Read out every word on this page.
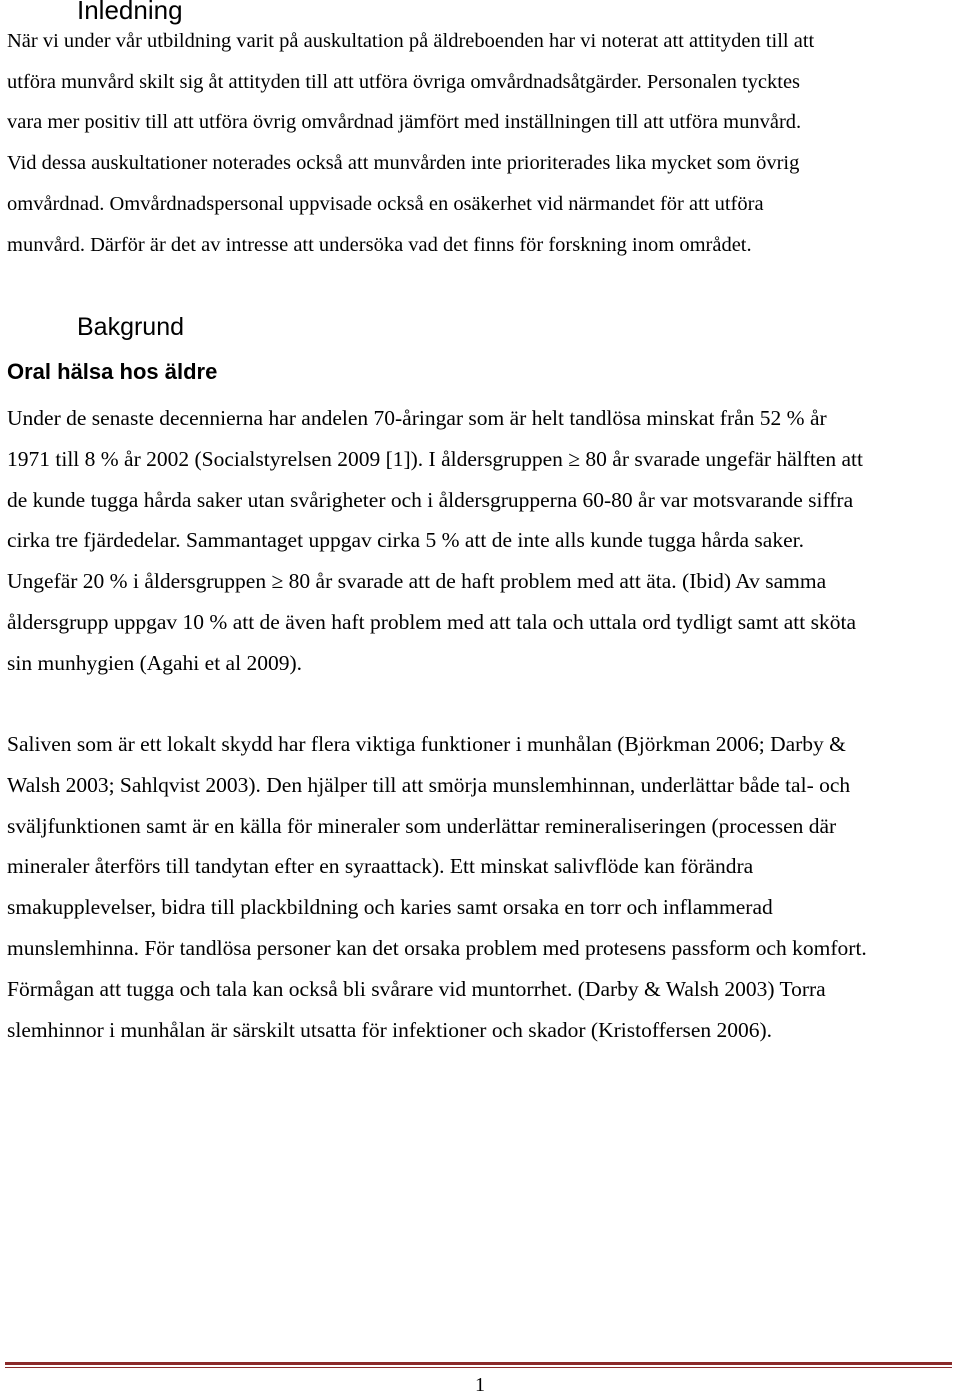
Inledning

När vi under vår utbildning varit på auskultation på äldreboenden har vi noterat att attityden till att
utföra munvård skilt sig åt attityden till att utföra övriga omvårdnadsåtgärder. Personalen tycktes
vara mer positiv till att utföra övrig omvårdnad jämfört med inställningen till att utföra munvård.
Vid dessa auskultationer noterades också att munvården inte prioriterades lika mycket som övrig
omvårdnad. Omvårdnadspersonal uppvisade också en osäkerhet vid närmandet för att utföra
munvård. Därför är det av intresse att undersöka vad det finns för forskning inom området.

Bakgrund
Oral hälsa hos äldre

Under de senaste decennierna har andelen 70-åringar som är helt tandlösa minskat från 52 % år
1971 till 8 % år 2002 (Socialstyrelsen 2009 [1]). I åldersgruppen ≥ 80 år svarade ungefär hälften att
de kunde tugga hårda saker utan svårigheter och i åldersgrupperna 60-80 år var motsvarande siffra
cirka tre fjärdedelar. Sammantaget uppgav cirka 5 % att de inte alls kunde tugga hårda saker.
Ungefär 20 % i åldersgruppen ≥ 80 år svarade att de haft problem med att äta. (Ibid) Av samma
åldersgrupp uppgav 10 % att de även haft problem med att tala och uttala ord tydligt samt att sköta
sin munhygien (Agahi et al 2009).

Saliven som är ett lokalt skydd har flera viktiga funktioner i munhålan (Björkman 2006; Darby &
Walsh 2003; Sahlqvist 2003). Den hjälper till att smörja munslemhinnan, underlättar både tal- och
sväljfunktionen samt är en källa för mineraler som underlättar remineraliseringen (processen där
mineraler återförs till tandytan efter en syraattack). Ett minskat salivflöde kan förändra
smakupplevelser, bidra till plackbildning och karies samt orsaka en torr och inflammerad
munslemhinna. För tandlösa personer kan det orsaka problem med protesens passform och komfort.
Förmågan att tugga och tala kan också bli svårare vid muntorrhet. (Darby & Walsh 2003) Torra
slemhinnor i munhålan är särskilt utsatta för infektioner och skador (Kristoffersen 2006).

1
